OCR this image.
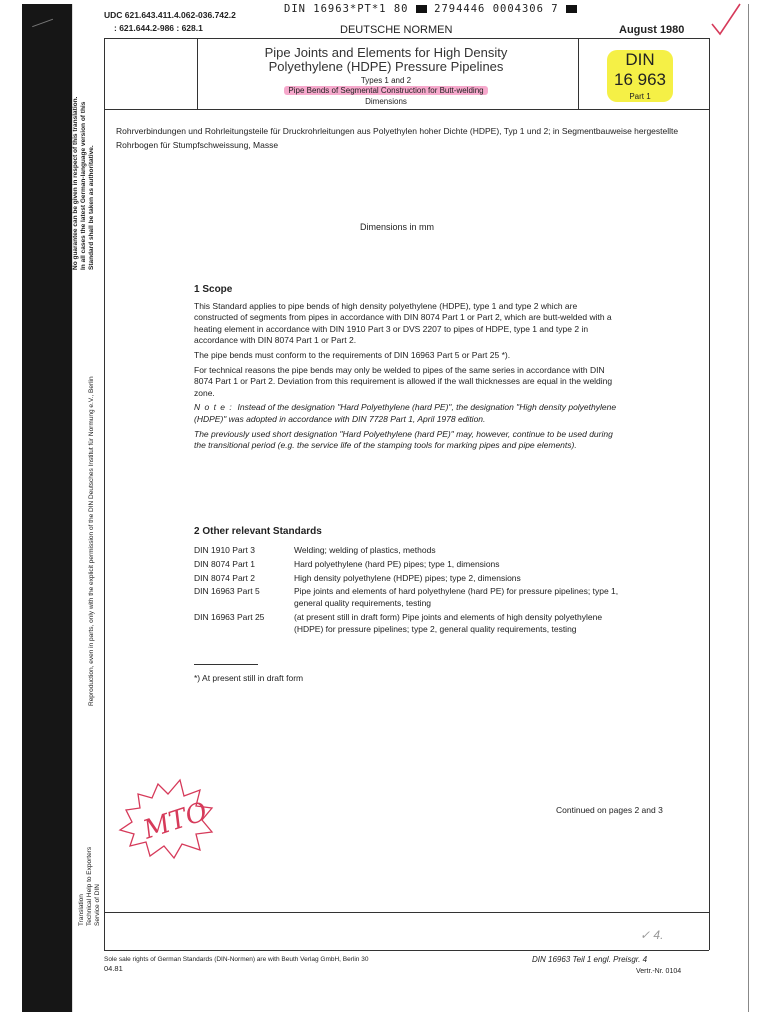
DIN 16963*PT*1 80 2794446 0004306 7
UDC 621.643.411.4.062-036.742.2
: 621.644.2-986 : 628.1	DEUTSCHE NORMEN	August 1980
Pipe Joints and Elements for High Density
Polyethylene (HDPE) Pressure Pipelines
Types 1 and 2
Pipe Bends of Segmental Construction for Butt-welding
Dimensions
DIN
16 963
Part 1
No guarantee can be given in respect of this translation. In all cases the latest German-language version of this Standard shall be taken as authoritative.
Reproduction, even in parts, only with the explicit permission of the DIN Deutsches Institut für Normung e.V., Berlin
Translation Technical Help to Exporters Service of DIN
Rohrverbindungen und Rohrleitungsteile für Druckrohrleitungen aus Polyethylen hoher Dichte (HDPE), Typ 1 und 2; in Segmentbauweise hergestellte Rohrbogen für Stumpfschweissung, Masse
Dimensions in mm
1 Scope

This Standard applies to pipe bends of high density polyethylene (HDPE), type 1 and type 2 which are constructed of segments from pipes in accordance with DIN 8074 Part 1 or Part 2, which are butt-welded with a heating element in accordance with DIN 1910 Part 3 or DVS 2207 to pipes of HDPE, type 1 and type 2 in accordance with DIN 8074 Part 1 or Part 2.

The pipe bends must conform to the requirements of DIN 16963 Part 5 or Part 25 *).

For technical reasons the pipe bends may only be welded to pipes of the same series in accordance with DIN 8074 Part 1 or Part 2. Deviation from this requirement is allowed if the wall thicknesses are equal in the welding zone.

N o t e : Instead of the designation "Hard Polyethylene (hard PE)", the designation "High density polyethylene (HDPE)" was adopted in accordance with DIN 7728 Part 1, April 1978 edition.

The previously used short designation "Hard Polyethylene (hard PE)" may, however, continue to be used during the transitional period (e.g. the service life of the stamping tools for marking pipes and pipe elements).

2 Other relevant Standards
DIN 1910 Part 3	Welding; welding of plastics, methods
DIN 8074 Part 1	Hard polyethylene (hard PE) pipes; type 1, dimensions
DIN 8074 Part 2	High density polyethylene (HDPE) pipes; type 2, dimensions
DIN 16963 Part 5	Pipe joints and elements of hard polyethylene (hard PE) for pressure pipelines; type 1, general quality requirements, testing
DIN 16963 Part 25	(at present still in draft form) Pipe joints and elements of high density polyethylene (HDPE) for pressure pipelines; type 2, general quality requirements, testing
*) At present still in draft form
Continued on pages 2 and 3
MTO
✓ 4.
Sole sale rights of German Standards (DIN-Normen) are with Beuth Verlag GmbH, Berlin 30
04.81
DIN 16963 Teil 1 engl. Preisgr. 4
Vertr.-Nr. 0104
